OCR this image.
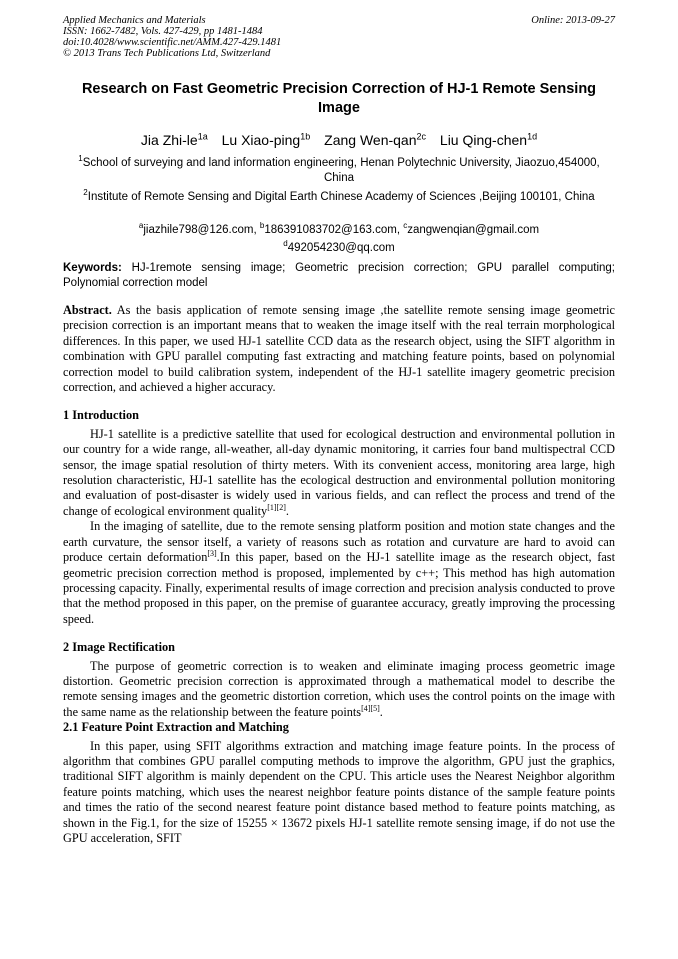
Applied Mechanics and Materials
ISSN: 1662-7482, Vols. 427-429, pp 1481-1484
doi:10.4028/www.scientific.net/AMM.427-429.1481
© 2013 Trans Tech Publications Ltd, Switzerland
Online: 2013-09-27
Research on Fast Geometric Precision Correction of HJ-1 Remote Sensing Image
Jia Zhi-$le^{1a}$ Lu Xiao-ping$^{1b}$ Zang Wen-qan$^{2c}$ Liu Qing-chen$^{1d}$
$^1$School of surveying and land information engineering, Henan Polytechnic University, Jiaozuo,454000, China
$^2$Institute of Remote Sensing and Digital Earth Chinese Academy of Sciences ,Beijing 100101, China
$^a$jiazhile798@126.com, $^b$186391083702@163.com, $^c$zangwenqian@gmail.com
$^d$492054230@qq.com
Keywords: HJ-1remote sensing image; Geometric precision correction; GPU parallel computing; Polynomial correction model

Abstract. As the basis application of remote sensing image ,the satellite remote sensing image geometric precision correction is an important means that to weaken the image itself with the real terrain morphological differences. In this paper, we used HJ-1 satellite CCD data as the research object, using the SIFT algorithm in combination with GPU parallel computing fast extracting and matching feature points, based on polynomial correction model to build calibration system, independent of the HJ-1 satellite imagery geometric precision correction, and achieved a higher accuracy.

1 Introduction

HJ-1 satellite is a predictive satellite that used for ecological destruction and environmental pollution in our country for a wide range, all-weather, all-day dynamic monitoring, it carries four band multispectral CCD sensor, the image spatial resolution of thirty meters. With its convenient access, monitoring area large, high resolution characteristic, HJ-1 satellite has the ecological destruction and environmental pollution monitoring and evaluation of post-disaster is widely used in various fields, and can reflect the process and trend of the change of ecological environment quality[1][2].

In the imaging of satellite, due to the remote sensing platform position and motion state changes and the earth curvature, the sensor itself, a variety of reasons such as rotation and curvature are hard to avoid can produce certain deformation[3].In this paper, based on the HJ-1 satellite image as the research object, fast geometric precision correction method is proposed, implemented by c++; This method has high automation processing capacity. Finally, experimental results of image correction and precision analysis conducted to prove that the method proposed in this paper, on the premise of guarantee accuracy, greatly improving the processing speed.

2 Image Rectification

The purpose of geometric correction is to weaken and eliminate imaging process geometric image distortion. Geometric precision correction is approximated through a mathematical model to describe the remote sensing images and the geometric distortion corretion, which uses the control points on the image with the same name as the relationship between the feature points[4][5].

2.1 Feature Point Extraction and Matching

In this paper, using SFIT algorithms extraction and matching image feature points. In the process of algorithm that combines GPU parallel computing methods to improve the algorithm, GPU just the graphics, traditional SIFT algorithm is mainly dependent on the CPU. This article uses the Nearest Neighbor algorithm feature points matching, which uses the nearest neighbor feature points distance of the sample feature points and times the ratio of the second nearest feature point distance based method to feature points matching, as shown in the Fig.1, for the size of 15255 × 13672 pixels HJ-1 satellite remote sensing image, if do not use the GPU acceleration, SFIT
